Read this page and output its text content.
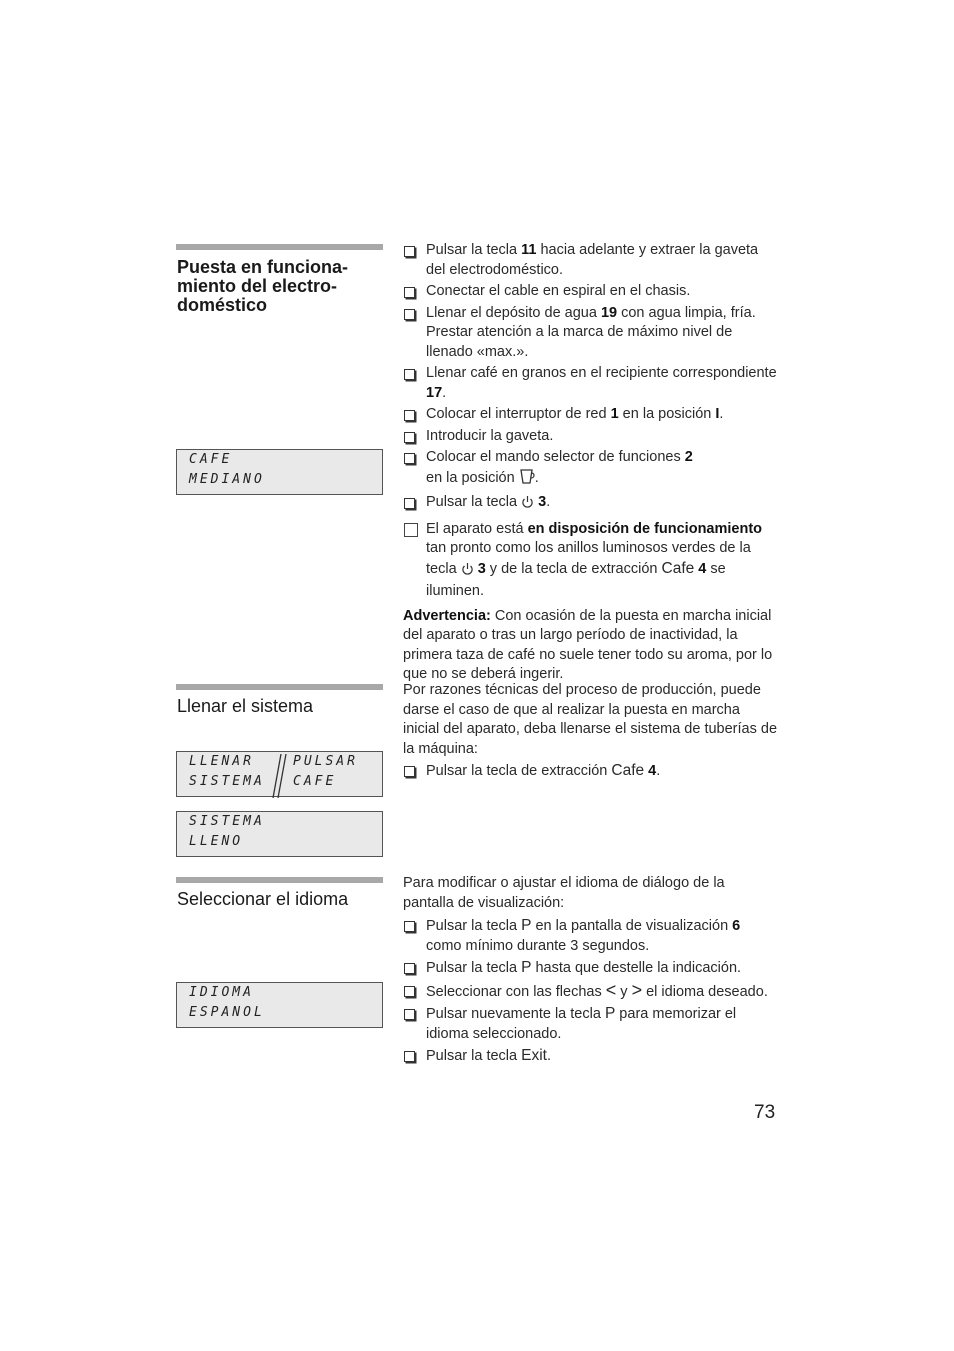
Puesta en funciona-
miento del electro-
doméstico
CAFE
MEDIANO
Pulsar la tecla 11 hacia adelante y extraer la gaveta del electrodoméstico.
Conectar el cable en espiral en el chasis.
Llenar el depósito de agua 19 con agua limpia, fría. Prestar atención a la marca de máximo nivel de llenado «max.».
Llenar café en granos en el recipiente correspondiente 17.
Colocar el interruptor de red 1 en la posición I.
Introducir la gaveta.
Colocar el mando selector de funciones 2
en la posición .
Pulsar la tecla  3.
El aparato está en disposición de funcionamiento tan pronto como los anillos luminosos verdes de la tecla  3 y de la tecla de extracción Cafe 4 se iluminen.

Advertencia: Con ocasión de la puesta en marcha inicial del aparato o tras un largo período de inactividad, la primera taza de café no suele tener todo su aroma, por lo que no se deberá ingerir.

Llenar el sistema
LLENAR
SISTEMA
PULSAR
CAFE
SISTEMA
LLENO

Por razones técnicas del proceso de producción, puede darse el caso de que al realizar la puesta en marcha inicial del aparato, deba llenarse el sistema de tuberías de la máquina:

Pulsar la tecla de extracción Cafe 4.
Seleccionar el idioma
IDIOMA
ESPANOL

Para modificar o ajustar el idioma de diálogo de la pantalla de visualización:

Pulsar la tecla P en la pantalla de visualización 6 como mínimo durante 3 segundos.
Pulsar la tecla P hasta que destelle la indicación.
Seleccionar con las flechas < y > el idioma deseado.
Pulsar nuevamente la tecla P para memorizar el idioma seleccionado.
Pulsar la tecla Exit.
73
